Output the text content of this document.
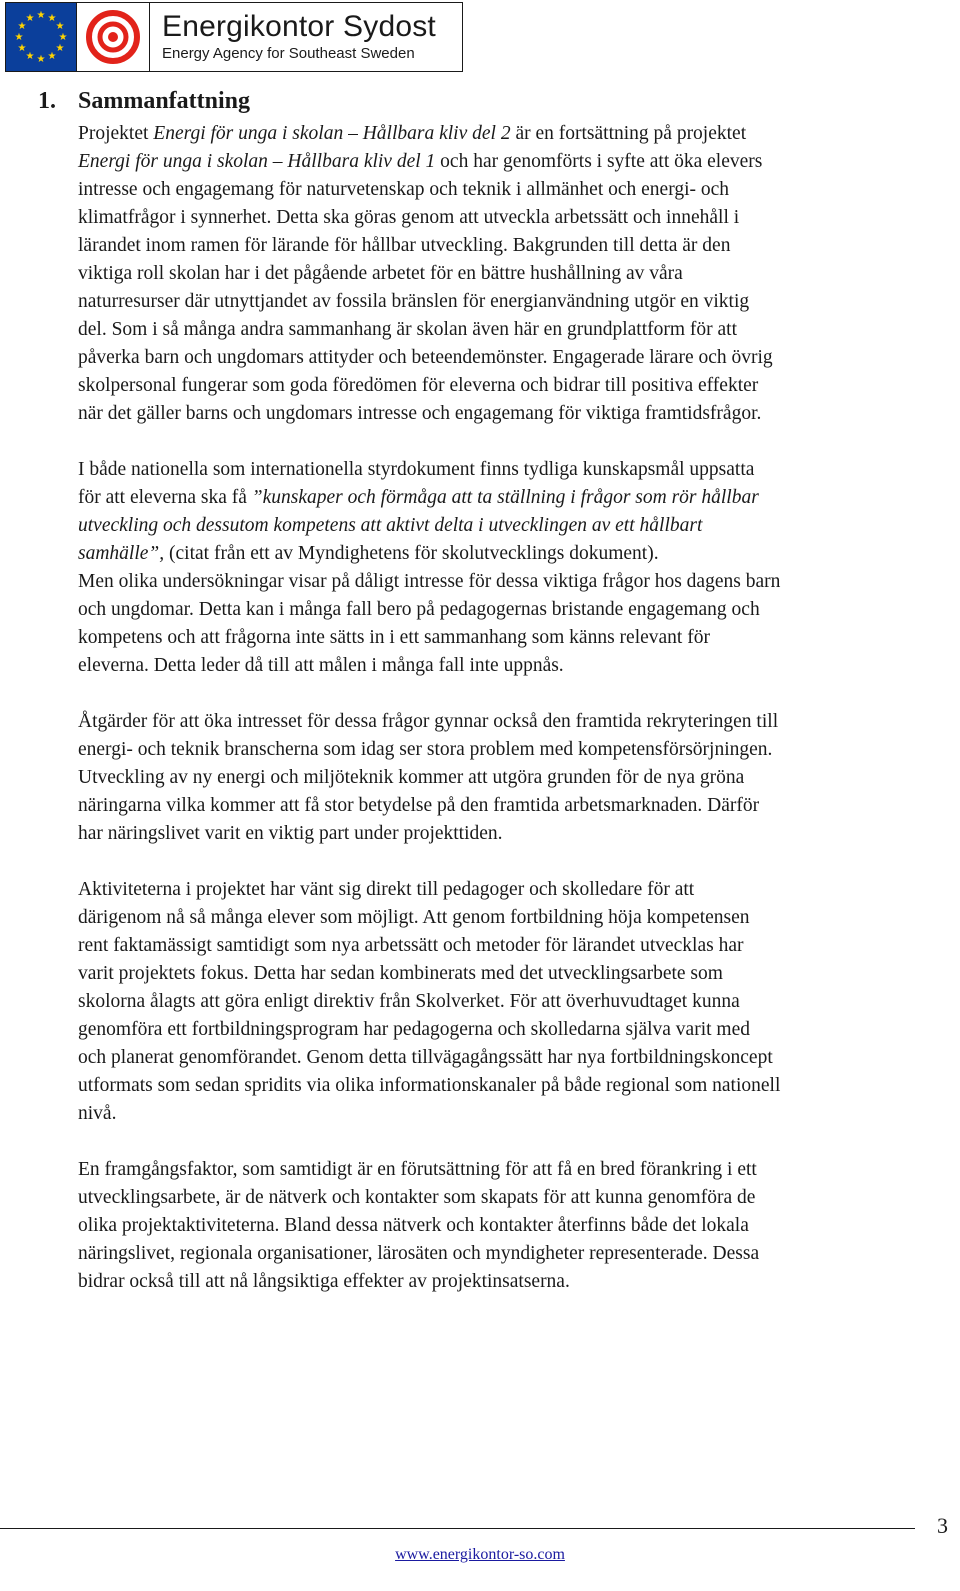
★ ★
★
★
★
★
★
★
★
★
★
★	Energikontor Sydost
Energy Agency for Southeast Sweden
1. Sammanfattning

Projektet Energi för unga i skolan – Hållbara kliv del 2 är en fortsättning på projektet
Energi för unga i skolan – Hållbara kliv del 1 och har genomförts i syfte att öka elevers
intresse och engagemang för naturvetenskap och teknik i allmänhet och energi- och
klimatfrågor i synnerhet. Detta ska göras genom att utveckla arbetssätt och innehåll i
lärandet inom ramen för lärande för hållbar utveckling. Bakgrunden till detta är den
viktiga roll skolan har i det pågående arbetet för en bättre hushållning av våra
naturresurser där utnyttjandet av fossila bränslen för energianvändning utgör en viktig
del. Som i så många andra sammanhang är skolan även här en grundplattform för att
påverka barn och ungdomars attityder och beteendemönster. Engagerade lärare och övrig
skolpersonal fungerar som goda föredömen för eleverna och bidrar till positiva effekter
när det gäller barns och ungdomars intresse och engagemang för viktiga framtidsfrågor.

I både nationella som internationella styrdokument finns tydliga kunskapsmål uppsatta
för att eleverna ska få ”kunskaper och förmåga att ta ställning i frågor som rör hållbar
utveckling och dessutom kompetens att aktivt delta i utvecklingen av ett hållbart
samhälle”, (citat från ett av Myndighetens för skolutvecklings dokument).
Men olika undersökningar visar på dåligt intresse för dessa viktiga frågor hos dagens barn
och ungdomar. Detta kan i många fall bero på pedagogernas bristande engagemang och
kompetens och att frågorna inte sätts in i ett sammanhang som känns relevant för
eleverna. Detta leder då till att målen i många fall inte uppnås.

Åtgärder för att öka intresset för dessa frågor gynnar också den framtida rekryteringen till
energi- och teknik branscherna som idag ser stora problem med kompetensförsörjningen.
Utveckling av ny energi och miljöteknik kommer att utgöra grunden för de nya gröna
näringarna vilka kommer att få stor betydelse på den framtida arbetsmarknaden. Därför
har näringslivet varit en viktig part under projekttiden.

Aktiviteterna i projektet har vänt sig direkt till pedagoger och skolledare för att
därigenom nå så många elever som möjligt. Att genom fortbildning höja kompetensen
rent faktamässigt samtidigt som nya arbetssätt och metoder för lärandet utvecklas har
varit projektets fokus. Detta har sedan kombinerats med det utvecklingsarbete som
skolorna ålagts att göra enligt direktiv från Skolverket. För att överhuvudtaget kunna
genomföra ett fortbildningsprogram har pedagogerna och skolledarna själva varit med
och planerat genomförandet. Genom detta tillvägagångssätt har nya fortbildningskoncept
utformats som sedan spridits via olika informationskanaler på både regional som nationell
nivå.

En framgångsfaktor, som samtidigt är en förutsättning för att få en bred förankring i ett
utvecklingsarbete, är de nätverk och kontakter som skapats för att kunna genomföra de
olika projektaktiviteterna. Bland dessa nätverk och kontakter återfinns både det lokala
näringslivet, regionala organisationer, lärosäten och myndigheter representerade. Dessa
bidrar också till att nå långsiktiga effekter av projektinsatserna.

3
www.energikontor-so.com
